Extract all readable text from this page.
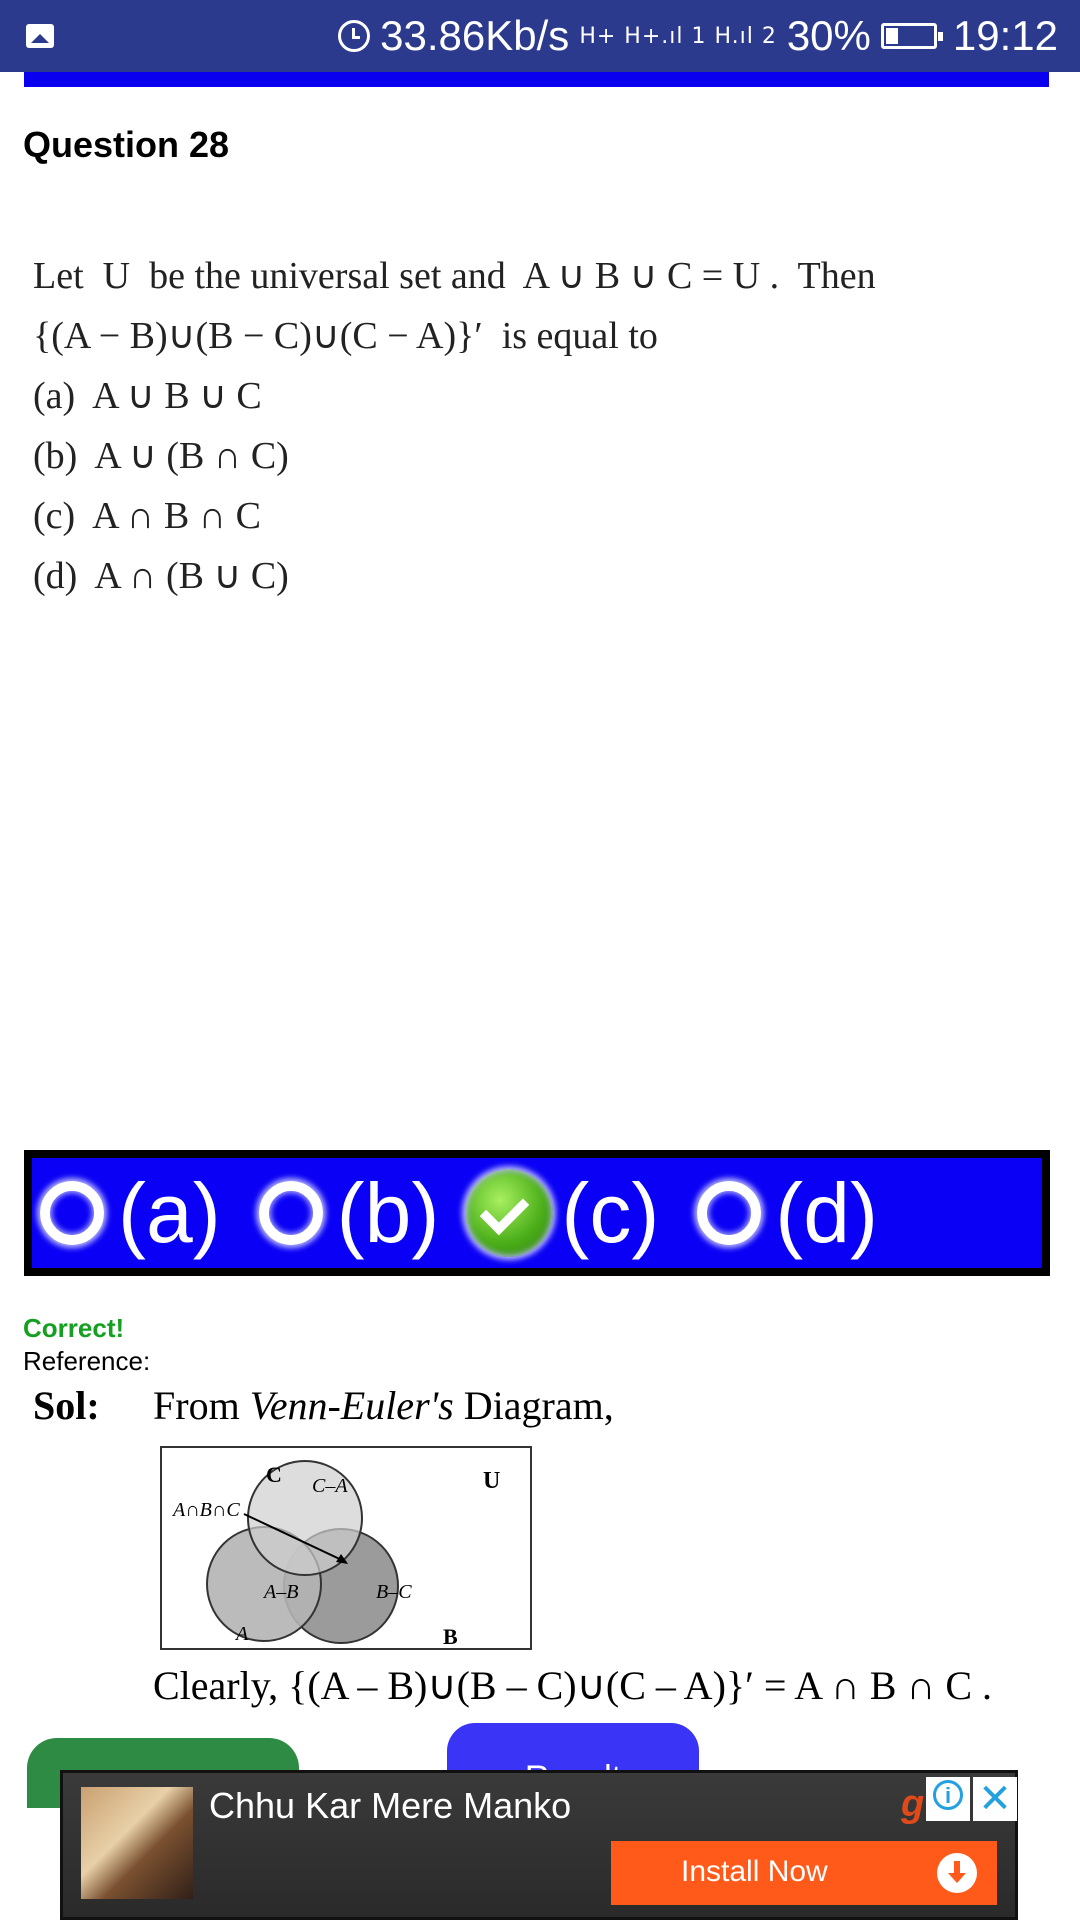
33.86Kb/s H+ H+.ıl 1 H.ıl 2 30% 19:12
Question 28
Let  U  be the universal set and  A ∪ B ∪ C = U .  Then
{(A − B)∪(B − C)∪(C − A)}′  is equal to
(a)  A ∪ B ∪ C
(b)  A ∪ (B ∩ C)
(c)  A ∩ B ∩ C
(d)  A ∩ (B ∪ C)
(a) (b) (c) (d)
Correct!
Reference:
Sol: From Venn-Euler's Diagram,
U
C
A	B
C–A
A–B	B–C
A∩B∩C
Clearly, {(A – B)∪(B – C)∪(C – A)}′ = A ∩ B ∩ C .
Chhu Kar Mere Manko	g
i ✕
Install Now
